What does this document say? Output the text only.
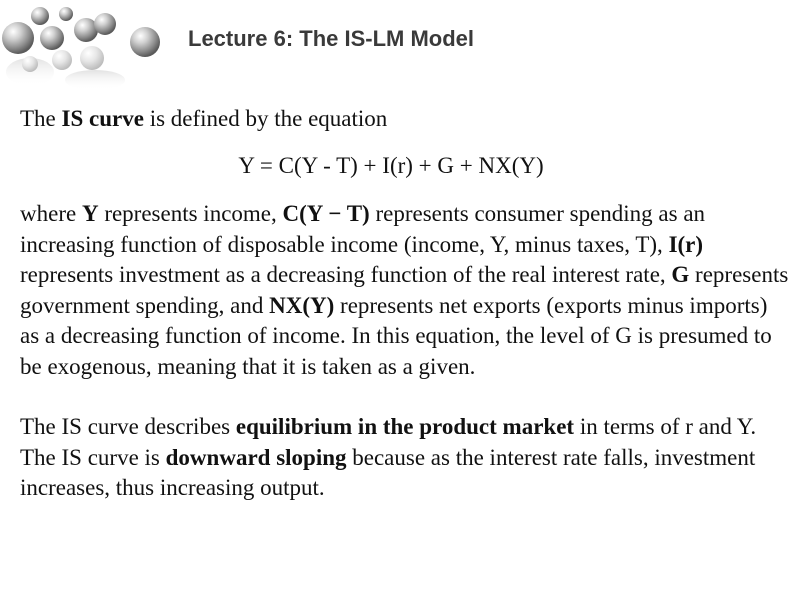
Lecture 6: The IS-LM Model

The IS curve is defined by the equation

Y = C(Y - T) + I(r) + G + NX(Y)

where Y represents income, C(Y − T) represents consumer spending as an increasing function of disposable income (income, Y, minus taxes, T), I(r) represents investment as a decreasing function of the real interest rate, G represents government spending, and NX(Y) represents net exports (exports minus imports) as a decreasing function of income. In this equation, the level of G is presumed to be exogenous, meaning that it is taken as a given.

The IS curve describes equilibrium in the product market in terms of r and Y. The IS curve is downward sloping because as the interest rate falls, investment increases, thus increasing output.
